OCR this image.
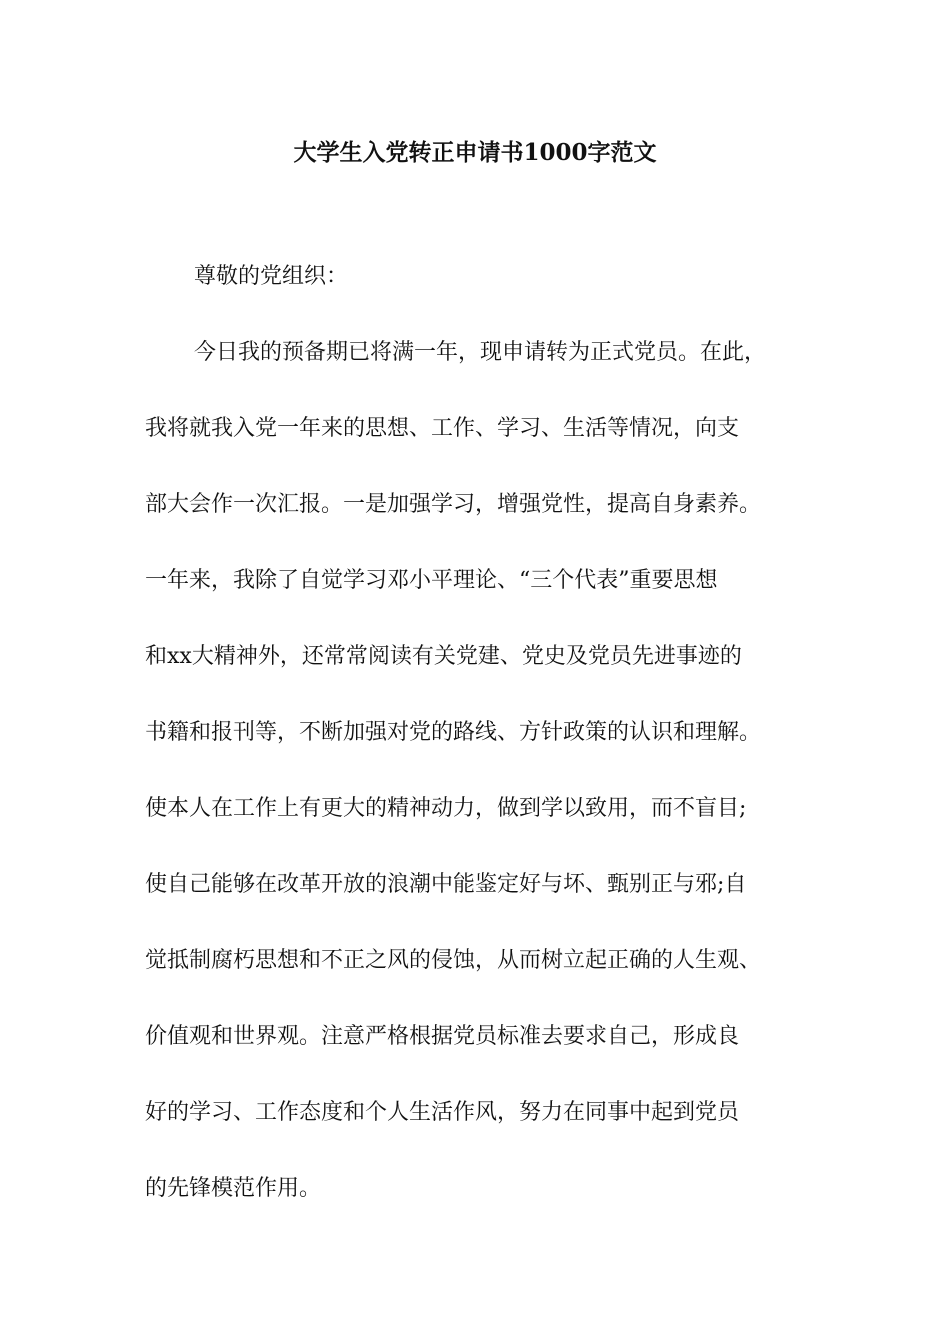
大学生入党转正申请书1000字范文
尊敬的党组织：
今日我的预备期已将满一年，现申请转为正式党员。在此，
我将就我入党一年来的思想、工作、学习、生活等情况，向支
部大会作一次汇报。一是加强学习，增强党性，提高自身素养。
一年来，我除了自觉学习邓小平理论、“三个代表”重要思想
和xx大精神外，还常常阅读有关党建、党史及党员先进事迹的
书籍和报刊等，不断加强对党的路线、方针政策的认识和理解。
使本人在工作上有更大的精神动力，做到学以致用，而不盲目;
使自己能够在改革开放的浪潮中能鉴定好与坏、甄别正与邪;自
觉抵制腐朽思想和不正之风的侵蚀，从而树立起正确的人生观、
价值观和世界观。注意严格根据党员标准去要求自己，形成良
好的学习、工作态度和个人生活作风，努力在同事中起到党员
的先锋模范作用。
